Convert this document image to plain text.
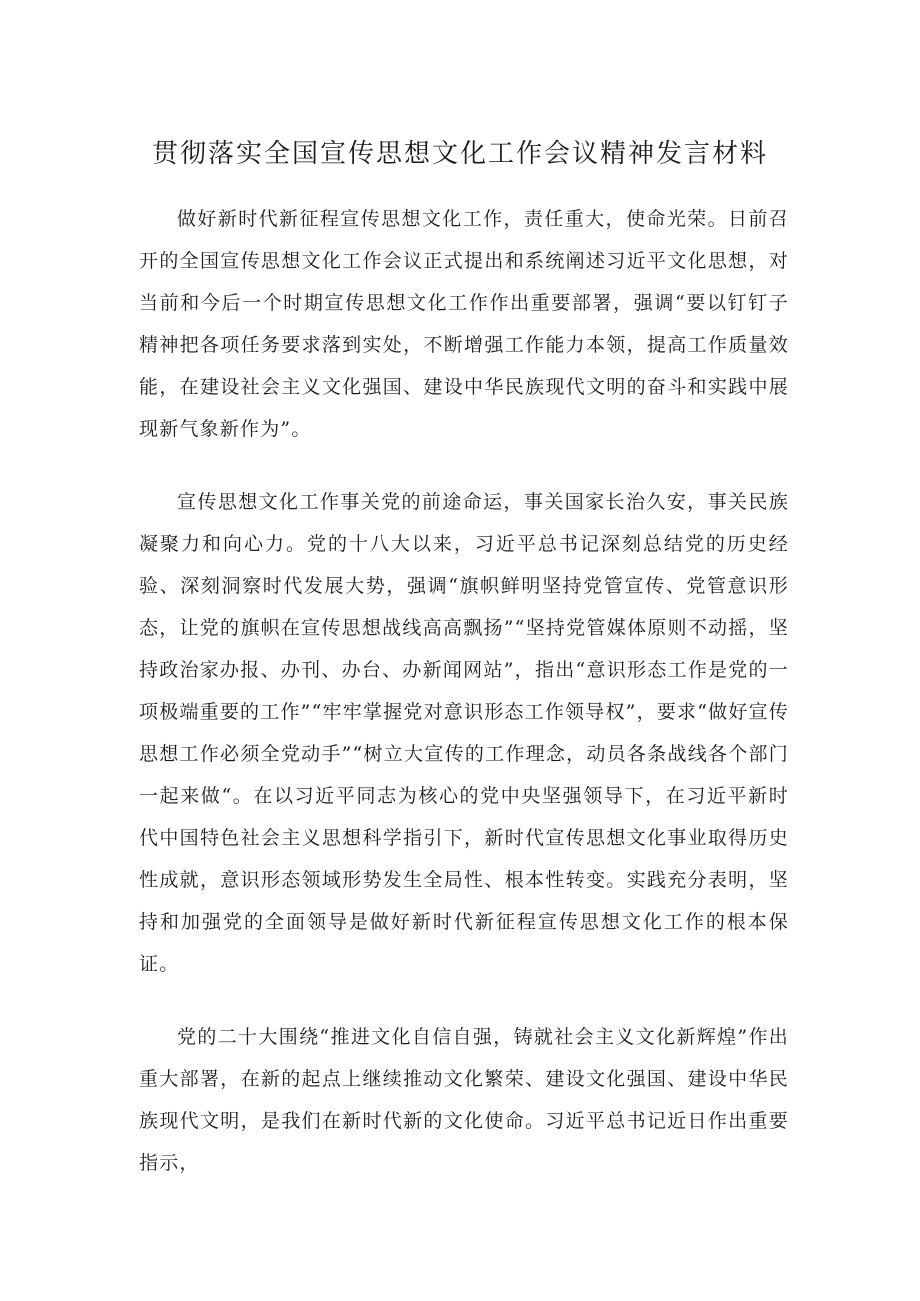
贯彻落实全国宣传思想文化工作会议精神发言材料

做好新时代新征程宣传思想文化工作，责任重大，使命光荣。日前召开的全国宣传思想文化工作会议正式提出和系统阐述习近平文化思想，对当前和今后一个时期宣传思想文化工作作出重要部署，强调“要以钉钉子精神把各项任务要求落到实处，不断增强工作能力本领，提高工作质量效能，在建设社会主义文化强国、建设中华民族现代文明的奋斗和实践中展现新气象新作为”。

宣传思想文化工作事关党的前途命运，事关国家长治久安，事关民族凝聚力和向心力。党的十八大以来，习近平总书记深刻总结党的历史经验、深刻洞察时代发展大势，强调“旗帜鲜明坚持党管宣传、党管意识形态，让党的旗帜在宣传思想战线高高飘扬”“坚持党管媒体原则不动摇，坚持政治家办报、办刊、办台、办新闻网站”，指出“意识形态工作是党的一项极端重要的工作”“牢牢掌握党对意识形态工作领导权”，要求“做好宣传思想工作必须全党动手”“树立大宣传的工作理念，动员各条战线各个部门一起来做“。在以习近平同志为核心的党中央坚强领导下，在习近平新时代中国特色社会主义思想科学指引下，新时代宣传思想文化事业取得历史性成就，意识形态领域形势发生全局性、根本性转变。实践充分表明，坚持和加强党的全面领导是做好新时代新征程宣传思想文化工作的根本保证。

党的二十大围绕“推进文化自信自强，铸就社会主义文化新辉煌”作出重大部署，在新的起点上继续推动文化繁荣、建设文化强国、建设中华民族现代文明，是我们在新时代新的文化使命。习近平总书记近日作出重要指示，
